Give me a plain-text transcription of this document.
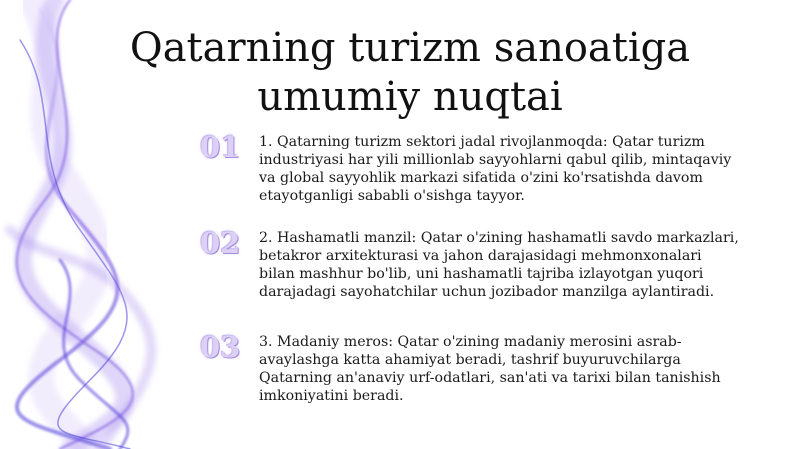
Qatarning turizm sanoatiga umumiy nuqtai
01	1. Qatarning turizm sektori jadal rivojlanmoqda: Qatar turizm industriyasi har yili millionlab sayyohlarni qabul qilib, mintaqaviy va global sayyohlik markazi sifatida o'zini ko'rsatishda davom etayotganligi sababli o'sishga tayyor.

02	2. Hashamatli manzil: Qatar o'zining hashamatli savdo markazlari, betakror arxitekturasi va jahon darajasidagi mehmonxonalari bilan mashhur bo'lib, uni hashamatli tajriba izlayotgan yuqori darajadagi sayohatchilar uchun jozibador manzilga aylantiradi.

03	3. Madaniy meros: Qatar o'zining madaniy merosini asrab-avaylashga katta ahamiyat beradi, tashrif buyuruvchilarga Qatarning an'anaviy urf-odatlari, san'ati va tarixi bilan tanishish imkoniyatini beradi.
